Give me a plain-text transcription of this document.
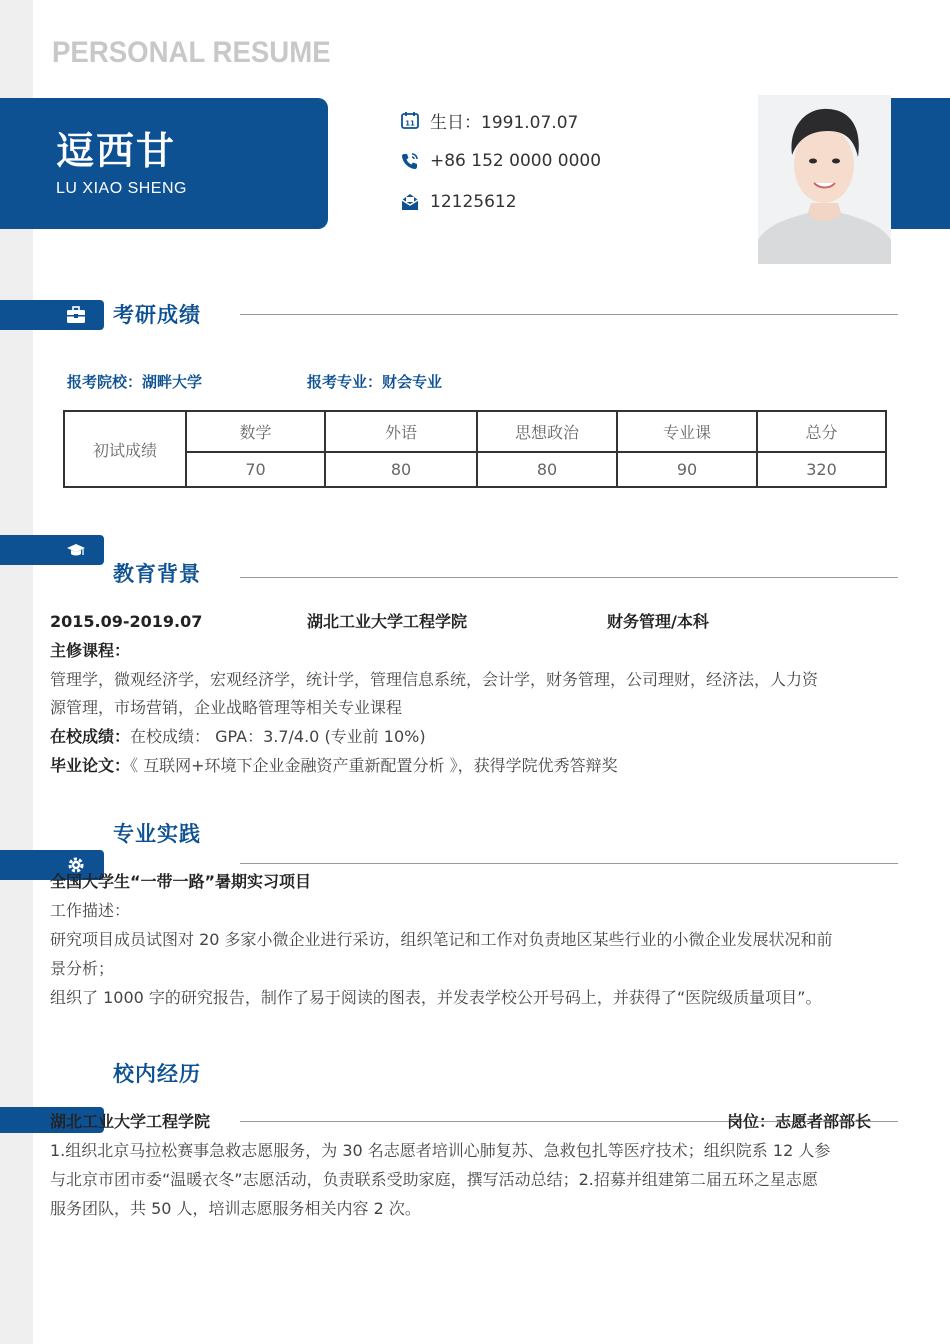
PERSONAL RESUME
逗西甘
LU XIAO SHENG
11 生日：1991.07.07
+86 152 0000 0000
12125612
考研成绩
报考院校：湖畔大学	报考专业：财会专业
初试成绩	数学	外语	思想政治	专业课	总分
	70	80	80	90	320
教育背景
2015.09-2019.07	湖北工业大学工程学院	财务管理/本科
主修课程：
管理学，微观经济学，宏观经济学，统计学，管理信息系统，会计学，财务管理，公司理财，经济法，人力资
源管理，市场营销，企业战略管理等相关专业课程
在校成绩：在校成绩： GPA：3.7/4.0 (专业前 10%)
毕业论文：《 互联网+环境下企业金融资产重新配置分析 》，获得学院优秀答辩奖
专业实践
全国大学生“一带一路”暑期实习项目
工作描述：
研究项目成员试图对 20 多家小微企业进行采访，组织笔记和工作对负责地区某些行业的小微企业发展状况和前
景分析；
组织了 1000 字的研究报告，制作了易于阅读的图表，并发表学校公开号码上，并获得了“医院级质量项目”。
校内经历
湖北工业大学工程学院	岗位：志愿者部部长
1.组织北京马拉松赛事急救志愿服务，为 30 名志愿者培训心肺复苏、急救包扎等医疗技术；组织院系 12 人参
与北京市团市委“温暖衣冬”志愿活动，负责联系受助家庭，撰写活动总结；2.招募并组建第二届五环之星志愿
服务团队，共 50 人，培训志愿服务相关内容 2 次。
